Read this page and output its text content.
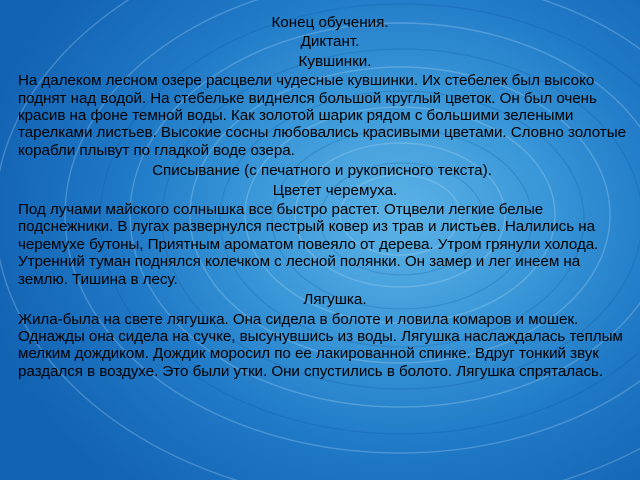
Конец обучения.

Диктант.

Кувшинки.

На далеком лесном озере расцвели чудесные кувшинки. Их стебелек был высоко поднят над водой. На стебельке виднелся большой круглый цветок. Он был очень красив на фоне темной воды. Как золотой шарик рядом с большими зелеными тарелками листьев. Высокие сосны любовались красивыми цветами. Словно золотые корабли плывут по гладкой воде озера.

Списывание (с печатного и рукописного текста).

Цветет черемуха.

Под лучами майского солнышка все быстро растет. Отцвели легкие белые подснежники. В лугах развернулся пестрый ковер из трав и листьев. Налились на черемухе бутоны, Приятным ароматом повеяло от дерева. Утром грянули холода. Утренний туман поднялся колечком с лесной полянки. Он замер и лег инеем на землю. Тишина в лесу.

Лягушка.

Жила-была на свете лягушка. Она сидела в болоте и ловила комаров и мошек. Однажды она сидела на сучке, высунувшись из воды. Лягушка наслаждалась теплым мелким дождиком. Дождик моросил по ее лакированной спинке. Вдруг тонкий звук раздался в воздухе. Это были утки. Они спустились в болото. Лягушка спряталась.
